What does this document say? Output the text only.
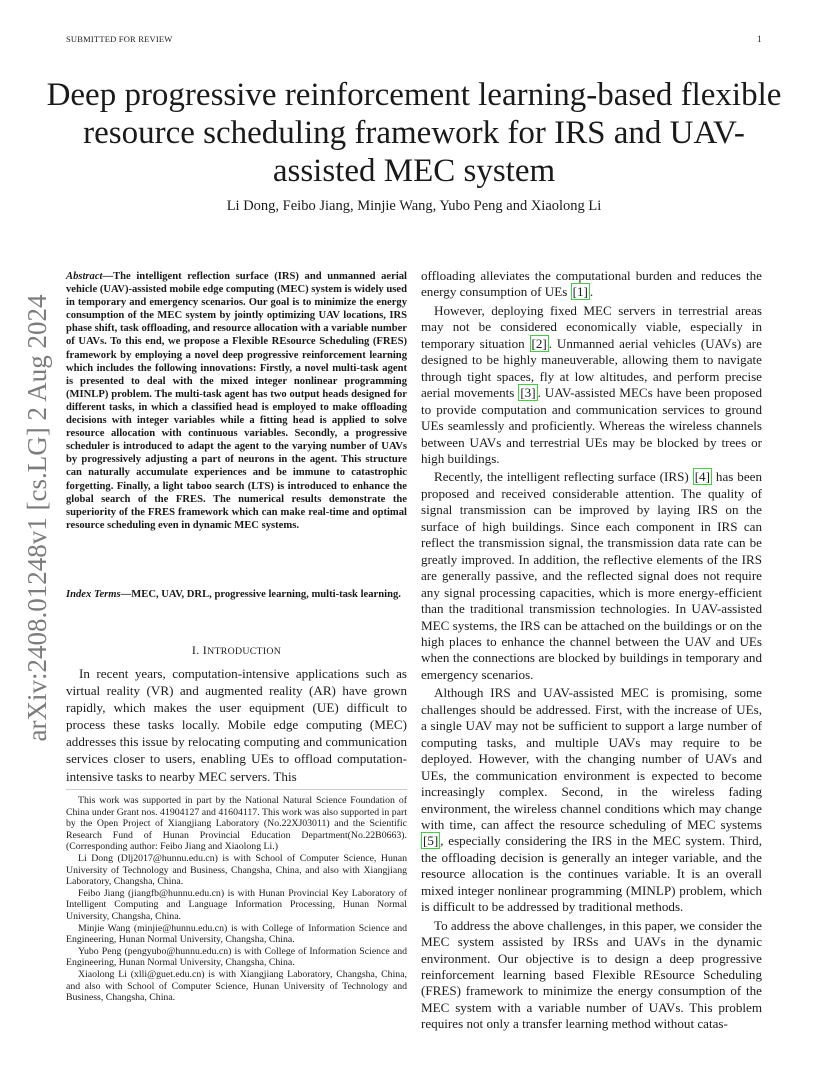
SUBMITTED FOR REVIEW	1
arXiv:2408.01248v1 [cs.LG] 2 Aug 2024
Deep progressive reinforcement learning-based flexible resource scheduling framework for IRS and UAV-assisted MEC system
Li Dong, Feibo Jiang, Minjie Wang, Yubo Peng and Xiaolong Li
Abstract—The intelligent reflection surface (IRS) and unmanned aerial vehicle (UAV)-assisted mobile edge computing (MEC) system is widely used in temporary and emergency scenarios. Our goal is to minimize the energy consumption of the MEC system by jointly optimizing UAV locations, IRS phase shift, task offloading, and resource allocation with a variable number of UAVs. To this end, we propose a Flexible REsource Scheduling (FRES) framework by employing a novel deep progressive reinforcement learning which includes the following innovations: Firstly, a novel multi-task agent is presented to deal with the mixed integer nonlinear programming (MINLP) problem. The multi-task agent has two output heads designed for different tasks, in which a classified head is employed to make offloading decisions with integer variables while a fitting head is applied to solve resource allocation with continuous variables. Secondly, a progressive scheduler is introduced to adapt the agent to the varying number of UAVs by progressively adjusting a part of neurons in the agent. This structure can naturally accumulate experiences and be immune to catastrophic forgetting. Finally, a light taboo search (LTS) is introduced to enhance the global search of the FRES. The numerical results demonstrate the superiority of the FRES framework which can make real-time and optimal resource scheduling even in dynamic MEC systems.
Index Terms—MEC, UAV, DRL, progressive learning, multi-task learning.
I. INTRODUCTION
In recent years, computation-intensive applications such as virtual reality (VR) and augmented reality (AR) have grown rapidly, which makes the user equipment (UE) difficult to process these tasks locally. Mobile edge computing (MEC) addresses this issue by relocating computing and communication services closer to users, enabling UEs to offload computation-intensive tasks to nearby MEC servers. This

This work was supported in part by the National Natural Science Foundation of China under Grant nos. 41904127 and 41604117. This work was also supported in part by the Open Project of Xiangjiang Laboratory (No.22XJ03011) and the Scientific Research Fund of Hunan Provincial Education Department(No.22B0663). (Corresponding author: Feibo Jiang and Xiaolong Li.)

Li Dong (Dlj2017@hunnu.edu.cn) is with School of Computer Science, Hunan University of Technology and Business, Changsha, China, and also with Xiangjiang Laboratory, Changsha, China.

Feibo Jiang (jiangfb@hunnu.edu.cn) is with Hunan Provincial Key Laboratory of Intelligent Computing and Language Information Processing, Hunan Normal University, Changsha, China.

Minjie Wang (minjie@hunnu.edu.cn) is with College of Information Science and Engineering, Hunan Normal University, Changsha, China.

Yubo Peng (pengyubo@hunnu.edu.cn) is with College of Information Science and Engineering, Hunan Normal University, Changsha, China.

Xiaolong Li (xlli@guet.edu.cn) is with Xiangjiang Laboratory, Changsha, China, and also with School of Computer Science, Hunan University of Technology and Business, Changsha, China.

offloading alleviates the computational burden and reduces the energy consumption of UEs [1] .

However, deploying fixed MEC servers in terrestrial areas may not be considered economically viable, especially in temporary situation [2] . Unmanned aerial vehicles (UAVs) are designed to be highly maneuverable, allowing them to navigate through tight spaces, fly at low altitudes, and perform precise aerial movements [3] . UAV-assisted MECs have been proposed to provide computation and communication services to ground UEs seamlessly and proficiently. Whereas the wireless channels between UAVs and terrestrial UEs may be blocked by trees or high buildings.

Recently, the intelligent reflecting surface (IRS) [4] has been proposed and received considerable attention. The quality of signal transmission can be improved by laying IRS on the surface of high buildings. Since each component in IRS can reflect the transmission signal, the transmission data rate can be greatly improved. In addition, the reflective elements of the IRS are generally passive, and the reflected signal does not require any signal processing capacities, which is more energy-efficient than the traditional transmission technologies. In UAV-assisted MEC systems, the IRS can be attached on the buildings or on the high places to enhance the channel between the UAV and UEs when the connections are blocked by buildings in temporary and emergency scenarios.

Although IRS and UAV-assisted MEC is promising, some challenges should be addressed. First, with the increase of UEs, a single UAV may not be sufficient to support a large number of computing tasks, and multiple UAVs may require to be deployed. However, with the changing number of UAVs and UEs, the communication environment is expected to become increasingly complex. Second, in the wireless fading environment, the wireless channel conditions which may change with time, can affect the resource scheduling of MEC systems [5] , especially considering the IRS in the MEC system. Third, the offloading decision is generally an integer variable, and the resource allocation is the continues variable. It is an overall mixed integer nonlinear programming (MINLP) problem, which is difficult to be addressed by traditional methods.

To address the above challenges, in this paper, we consider the MEC system assisted by IRSs and UAVs in the dynamic environment. Our objective is to design a deep progressive reinforcement learning based Flexible REsource Scheduling (FRES) framework to minimize the energy consumption of the MEC system with a variable number of UAVs. This problem requires not only a transfer learning method without catas-
